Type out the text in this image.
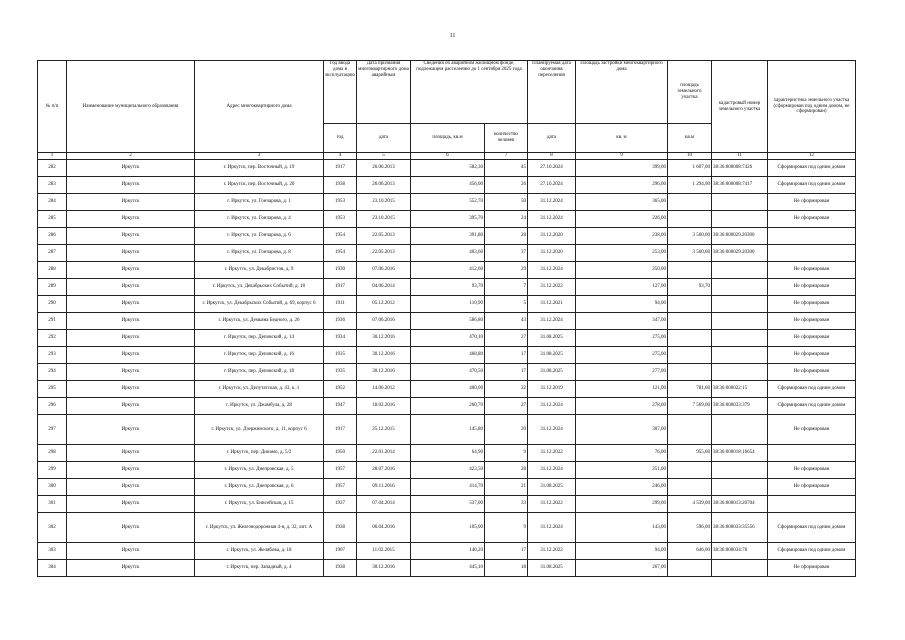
11
№ п/п	Наименование муниципального образования	Адрес многоквартирного дома	Год ввода дома в эксплуатацию	Дата признания многоквартирного дома аварийным	Сведения об аварийном жилищном фонде, подлежащем расселению до 1 сентября 2025 года		Планируемая дата окончания переселения	Площадь застройки многоквартирного дома	площадь земельного участка	кадастровый номер земельного участка	характеристика земельного участка (сформирован под одним домом, не сформирован)
			год	дата	площадь, кв.м	количество человек	дата	кв. м	кв.м		
1	2	3	4	5	6	7	8	9	10	11	12
282	Иркутск	г. Иркутск, пер. Восточный, д. 19	1917	26.06.2013	582,30	45	27.10.2024	399,00	1 607,00	38:36:000008:7426	Сформирован под одним домом
283	Иркутск	г. Иркутск, пер. Восточный, д. 20	1938	26.06.2013	456,00	26	27.10.2024	296,00	1 294,00	38:36:000008:7417	Сформирован под одним домом
284	Иркутск	г. Иркутск, ул. Гончарова, д. 1	1953	23.10.2015	552,70	50	31.12.2024	365,00			Не сформирован
285	Иркутск	г. Иркутск, ул. Гончарова, д. 4	1953	23.10.2015	395,70	24	31.12.2024	226,00			Не сформирован
286	Иркутск	г. Иркутск, ул. Гончарова, д. 6	1954	22.05.2013	391,80	28	31.12.2020	238,00	3 560,00	38:36:000029.20300	
287	Иркутск	г. Иркутск, ул. Гончарова, д. 8	1954	22.05.2013	403,60	37	31.12.2020	253,00	3 560,00	38:36:000029.20300	
288	Иркутск	г. Иркутск, ул. Декабристов, д. 9	1930	07.06.2016	412,60	29	31.12.2024	250,00			Не сформирован
289	Иркутск	г. Иркутск, ул. Декабрьских Событий, д. 18	1917	04.06.2014	93,70	7	31.12.2022	127,00	93,70		Не сформирован
290	Иркутск	г. Иркутск, ул. Декабрьских Событий, д. 69, корпус 6	1911	05.12.2012	110,90	5	31.12.2021	94,00			Не сформирован
291	Иркутск	г. Иркутск, ул. Демьяна Бедного, д. 26	1936	07.06.2016	586,80	43	31.12.2024	347,00			Не сформирован
292	Иркутск	г. Иркутск, пер. Деповский, д. 14	1934	30.12.2016	470,10	27	31.08.2025	275,00			Не сформирован
293	Иркутск	г. Иркутск, пер. Деповский, д. 16	1935	30.12.2016	468,80	17	31.08.2025	275,00			Не сформирован
294	Иркутск	г. Иркутск, пер. Деповский, д. 18	1935	30.12.2016	470,50	17	31.08.2025	277,00			Не сформирован
295	Иркутск	г. Иркутск, ул. Депутатская, д. 43, к. 1	1952	14.06.2012	400,00	22	31.12.2019	121,00	781,00	38:36:000022:15	Сформирован под одним домом
296	Иркутск	г. Иркутск, ул. Джамбула, д. 28	1947	18.02.2016	260,70	27	31.12.2024	278,00	7 569,00	38:36:000033:379	Сформирован под одним домом
297	Иркутск	г. Иркутск, ул. Дзержинского, д. 11, корпус 6	1917	25.12.2015	145,80	20	31.12.2024	307,00			Не сформирован
298	Иркутск	г. Иркутск, пер. Динамо, д. 5/2	1950	22.01.2014	64,90	9	31.12.2022	76,00	955,00	38:36:000018:16654	
299	Иркутск	г. Иркутск, ул. Днепровская, д. 5	1957	28.07.2016	423,50	28	31.12.2024	251,00			Не сформирован
300	Иркутск	г. Иркутск, ул. Днепровская, д. 6	1957	09.11.2016	414,70	21	31.08.2025	246,00			Не сформирован
301	Иркутск	г. Иркутск, ул. Енисейская, д. 15	1937	07.04.2014	537,00	33	31.12.2022	299,00	4 539,00	38:36:000013:20704	
302	Иркутск	г. Иркутск, ул. Железнодорожная 4-я, д. 32, лит. А	1938	06.04.2016	105,00	9	31.12.2024	143,00	596,00	38:36:000033:35556	Сформирован под одним домом
303	Иркутск	г. Иркутск, ул. Желябова, д. 18	1907	11.02.2015	140,20	17	31.12.2022	94,00	646,00	38:36:000034:78	Сформирован под одним домом
304	Иркутск	г. Иркутск, пер. Западный, д. 4	1938	30.12.2016	445,10	18	31.08.2025	267,00			Не сформирован
